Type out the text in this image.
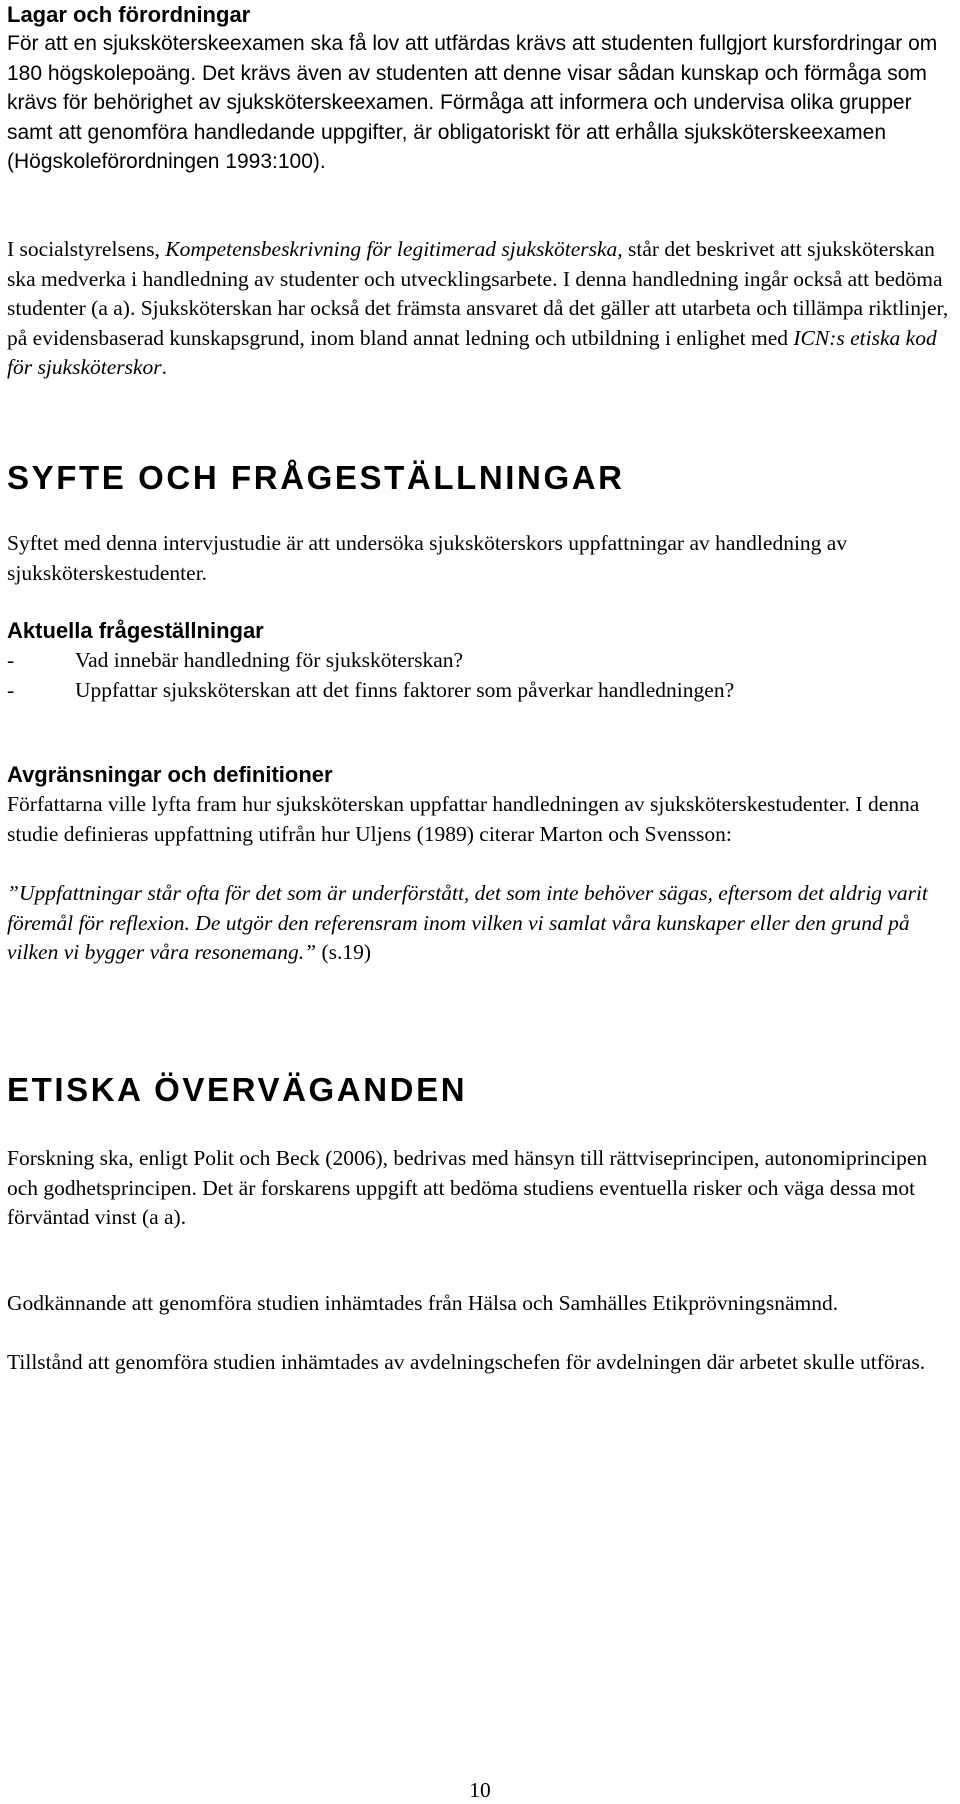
Lagar och förordningar

För att en sjuksköterskeexamen ska få lov att utfärdas krävs att studenten fullgjort kursfordringar om 180 högskolepoäng. Det krävs även av studenten att denne visar sådan kunskap och förmåga som krävs för behörighet av sjuksköterskeexamen. Förmåga att informera och undervisa olika grupper samt att genomföra handledande uppgifter, är obligatoriskt för att erhålla sjuksköterskeexamen (Högskoleförordningen 1993:100).

I socialstyrelsens, Kompetensbeskrivning för legitimerad sjuksköterska, står det beskrivet att sjuksköterskan ska medverka i handledning av studenter och utvecklingsarbete. I denna handledning ingår också att bedöma studenter (a a). Sjuksköterskan har också det främsta ansvaret då det gäller att utarbeta och tillämpa riktlinjer, på evidensbaserad kunskapsgrund, inom bland annat ledning och utbildning i enlighet med ICN:s etiska kod för sjuksköterskor.

SYFTE OCH FRÅGESTÄLLNINGAR

Syftet med denna intervjustudie är att undersöka sjuksköterskors uppfattningar av handledning av sjuksköterskestudenter.

Aktuella frågeställningar
-	Vad innebär handledning för sjuksköterskan?
-	Uppfattar sjuksköterskan att det finns faktorer som påverkar handledningen?
Avgränsningar och definitioner

Författarna ville lyfta fram hur sjuksköterskan uppfattar handledningen av sjuksköterskestudenter. I denna studie definieras uppfattning utifrån hur Uljens (1989) citerar Marton och Svensson:

”Uppfattningar står ofta för det som är underförstått, det som inte behöver sägas, eftersom det aldrig varit föremål för reflexion. De utgör den referensram inom vilken vi samlat våra kunskaper eller den grund på vilken vi bygger våra resonemang.” (s.19)

ETISKA ÖVERVÄGANDEN

Forskning ska, enligt Polit och Beck (2006), bedrivas med hänsyn till rättviseprincipen, autonomiprincipen och godhetsprincipen. Det är forskarens uppgift att bedöma studiens eventuella risker och väga dessa mot förväntad vinst (a a).

Godkännande att genomföra studien inhämtades från Hälsa och Samhälles Etikprövningsnämnd.

Tillstånd att genomföra studien inhämtades av avdelningschefen för avdelningen där arbetet skulle utföras.

10
